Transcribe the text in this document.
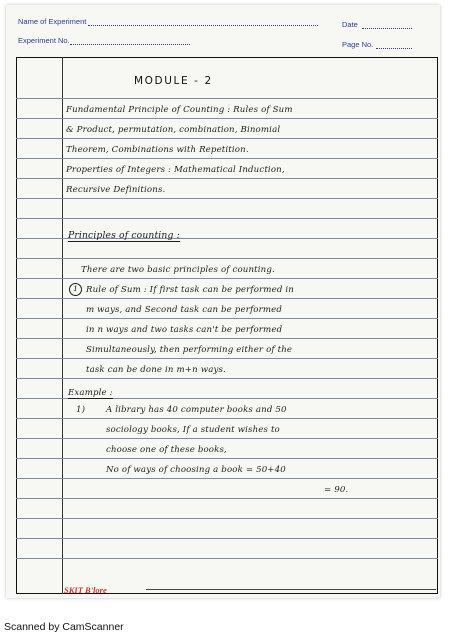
Name of Experiment	Date
Experiment No.	Page No.
MODULE - 2
Fundamental Principle of Counting : Rules of Sum
& Product, permutation, combination, Binomial
Theorem, Combinations with Repetition.
Properties of Integers : Mathematical Induction,
Recursive Definitions.
Principles of counting :
There are two basic principles of counting.
1 Rule of Sum : If first task can be performed in
m ways, and Second task can be performed
in n ways and two tasks can't be performed
Simultaneously, then performing either of the
task can be done in m+n ways.
Example :
1) A library has 40 computer books and 50
sociology books, If a student wishes to
choose one of these books,
No of ways of choosing a book = 50+40
= 90.
SKIT B'lore
Scanned by CamScanner
